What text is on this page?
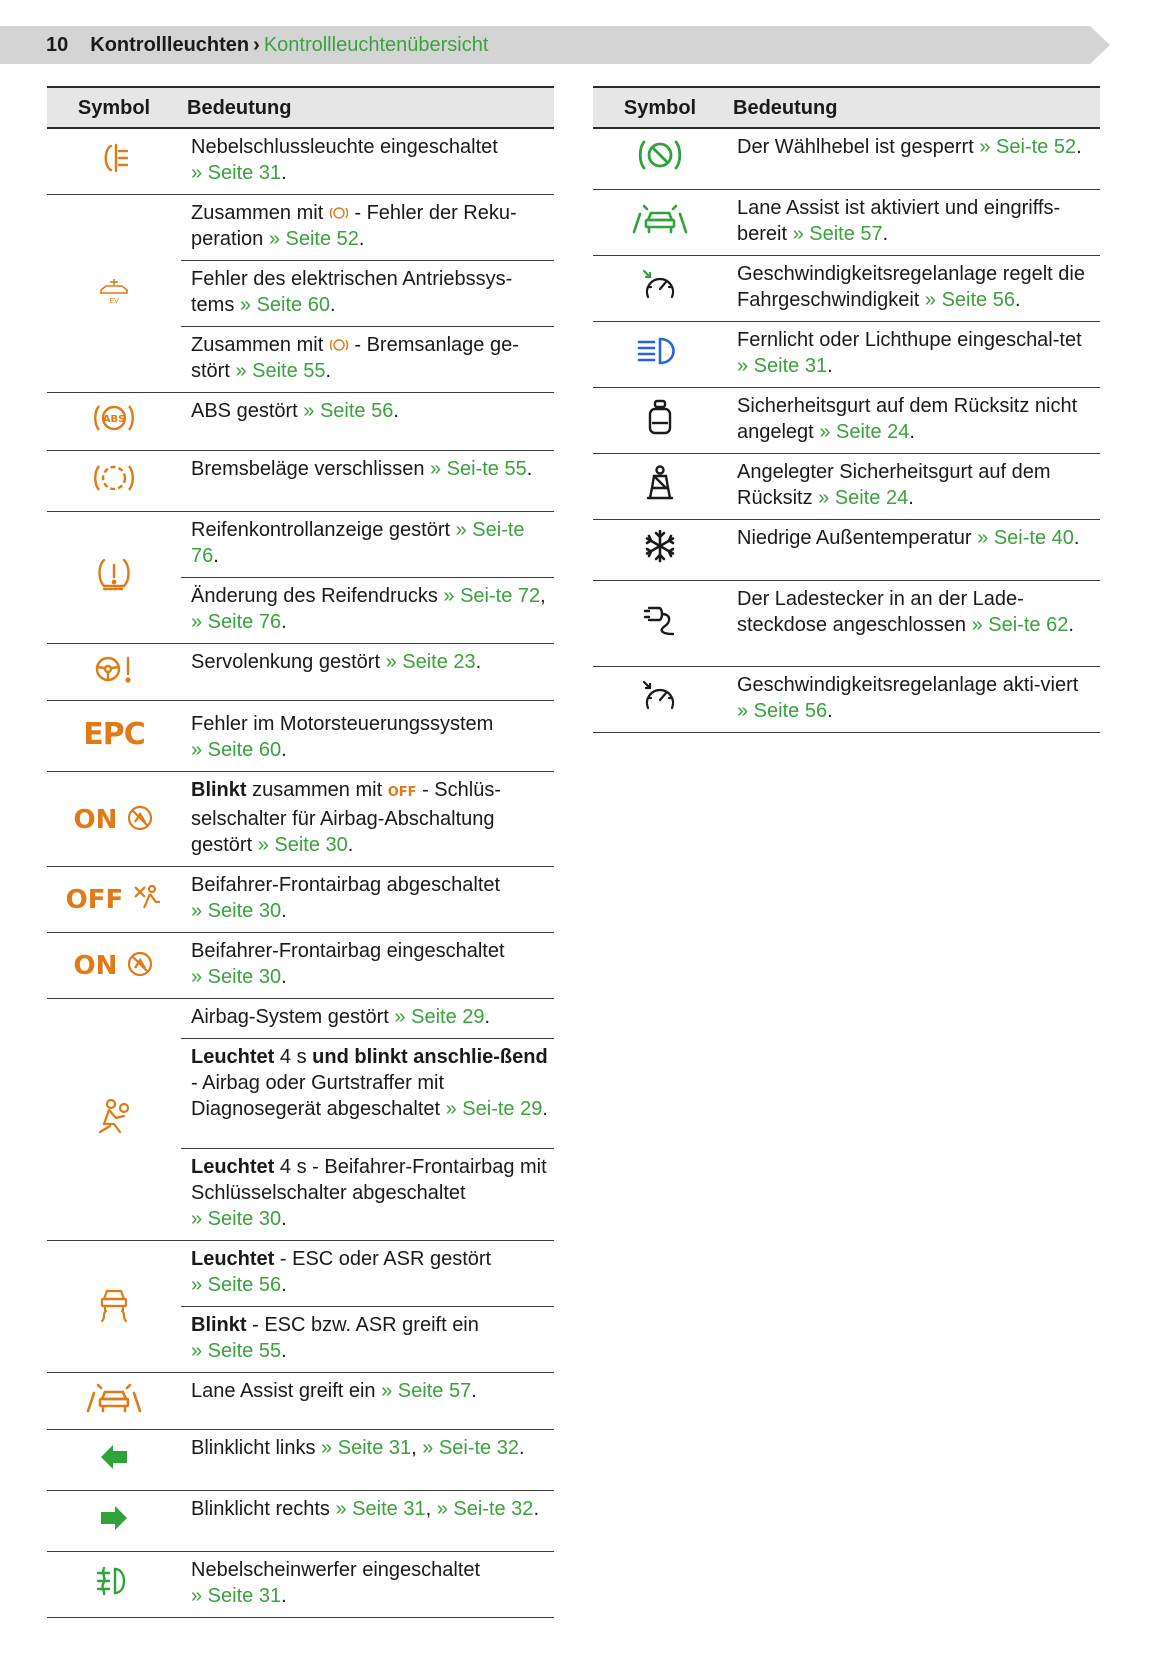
10 Kontrollleuchten › Kontrollleuchtenübersicht
Symbol	Bedeutung

	Nebelschlussleuchte eingeschaltet
» Seite 31.

EV	Zusammen mit
- Fehler der Reku-peration » Seite 52.
	Fehler des elektrischen Antriebssys-tems » Seite 60.
	Zusammen mit
- Bremsanlage ge-stört » Seite 55.

ABS	ABS gestört » Seite 56.

	Bremsbeläge verschlissen » Sei-te 55.

	Reifenkontrollanzeige gestört » Sei-te 76.
	Änderung des Reifendrucks » Sei-te 72, » Seite 76.

	Servolenkung gestört » Seite 23.
EPC	Fehler im Motorsteuerungssystem
» Seite 60.
ON	Blinkt zusammen mit OFF - Schlüs-selschalter für Airbag-Abschaltung gestört » Seite 30.
OFF	Beifahrer-Frontairbag abgeschaltet
» Seite 30.
ON	Beifahrer-Frontairbag eingeschaltet
» Seite 30.

	Airbag-System gestört » Seite 29.
	Leuchtet 4 s und blinkt anschlie-ßend - Airbag oder Gurtstraffer mit Diagnosegerät abgeschaltet » Sei-te 29.
	Leuchtet 4 s - Beifahrer-Frontairbag mit Schlüsselschalter abgeschaltet
» Seite 30.

	Leuchtet - ESC oder ASR gestört
» Seite 56.
	Blinkt - ESC bzw. ASR greift ein
» Seite 55.

	Lane Assist greift ein » Seite 57.

	Blinklicht links » Seite 31, » Sei-te 32.

	Blinklicht rechts » Seite 31, » Sei-te 32.

	Nebelscheinwerfer eingeschaltet
» Seite 31.
Symbol	Bedeutung

	Der Wählhebel ist gesperrt » Sei-te 52.

	Lane Assist ist aktiviert und eingriffs-bereit » Seite 57.

	Geschwindigkeitsregelanlage regelt die Fahrgeschwindigkeit » Seite 56.

	Fernlicht oder Lichthupe eingeschal-tet » Seite 31.

	Sicherheitsgurt auf dem Rücksitz nicht angelegt » Seite 24.

	Angelegter Sicherheitsgurt auf dem Rücksitz » Seite 24.

	Niedrige Außentemperatur » Sei-te 40.

	Der Ladestecker in an der Lade-steckdose angeschlossen » Sei-te 62.

	Geschwindigkeitsregelanlage akti-viert » Seite 56.
